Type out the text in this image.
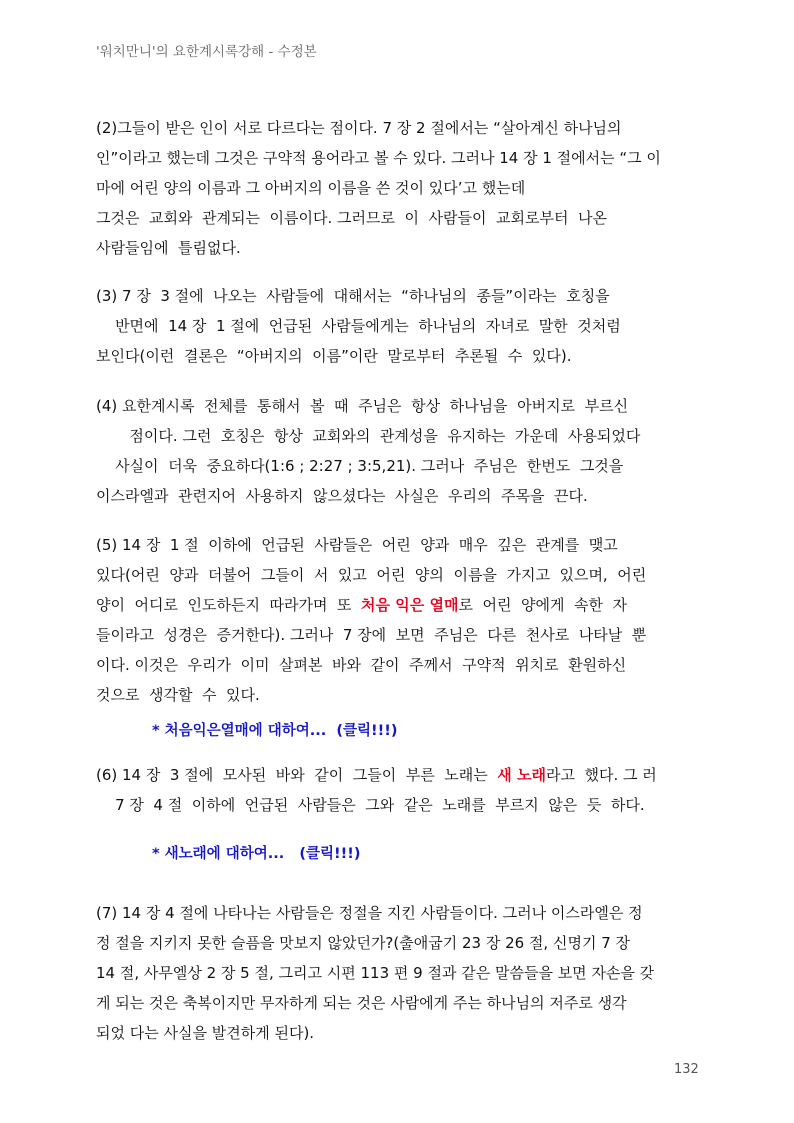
'워치만니'의 요한계시록강해 - 수정본
(2)그들이 받은 인이 서로 다르다는 점이다. 7 장 2 절에서는 “살아계신 하나님의
인”이라고 했는데 그것은 구약적 용어라고 볼 수 있다. 그러나 14 장 1 절에서는 “그 이
마에 어린 양의 이름과 그 아버지의 이름을 쓴 것이 있다’고 했는데
그것은  교회와  관계되는  이름이다. 그러므로  이  사람들이  교회로부터  나온
사람들임에  틀림없다.
(3) 7 장  3 절에  나오는  사람들에  대해서는  “하나님의  종들”이라는  호칭을
반면에  14 장  1 절에  언급된  사람들에게는  하나님의  자녀로  말한  것처럼
보인다(이런  결론은  “아버지의  이름”이란  말로부터  추론될  수  있다).
(4) 요한계시록  전체를  통해서  볼  때  주님은  항상  하나님을  아버지로  부르신
점이다. 그런  호칭은  항상  교회와의  관계성을  유지하는  가운데  사용되었다
사실이  더욱  중요하다(1:6 ; 2:27 ; 3:5,21). 그러나  주님은  한번도  그것을
이스라엘과  관련지어  사용하지  않으셨다는  사실은  우리의  주목을  끈다.
(5) 14 장  1 절  이하에  언급된  사람들은  어린  양과  매우  깊은  관계를  맺고
있다(어린  양과  더불어  그들이  서  있고  어린  양의  이름을  가지고  있으며,  어린
양이  어디로  인도하든지  따라가며  또  처음 익은 열매로  어린  양에게  속한  자
들이라고  성경은  증거한다). 그러나  7 장에  보면  주님은  다른  천사로  나타날  뿐
이다. 이것은  우리가  이미  살펴본  바와  같이  주께서  구약적  위치로  환원하신
것으로  생각할  수  있다.
* 처음익은열매에 대하여...  (클릭!!!)
(6) 14 장  3 절에  모사된  바와  같이  그들이  부른  노래는  새 노래라고  했다. 그 러
7 장  4 절  이하에  언급된  사람들은  그와  같은  노래를  부르지  않은  듯  하다.
* 새노래에 대하여...   (클릭!!!)
(7) 14 장 4 절에 나타나는 사람들은 정절을 지킨 사람들이다. 그러나 이스라엘은 정
정 절을 지키지 못한 슬픔을 맛보지 않았던가?(출애굽기 23 장 26 절, 신명기 7 장
14 절, 사무엘상 2 장 5 절, 그리고 시편 113 편 9 절과 같은 말씀들을 보면 자손을 갖
게 되는 것은 축복이지만 무자하게 되는 것은 사람에게 주는 하나님의 저주로 생각
되었 다는 사실을 발견하게 된다).
132
